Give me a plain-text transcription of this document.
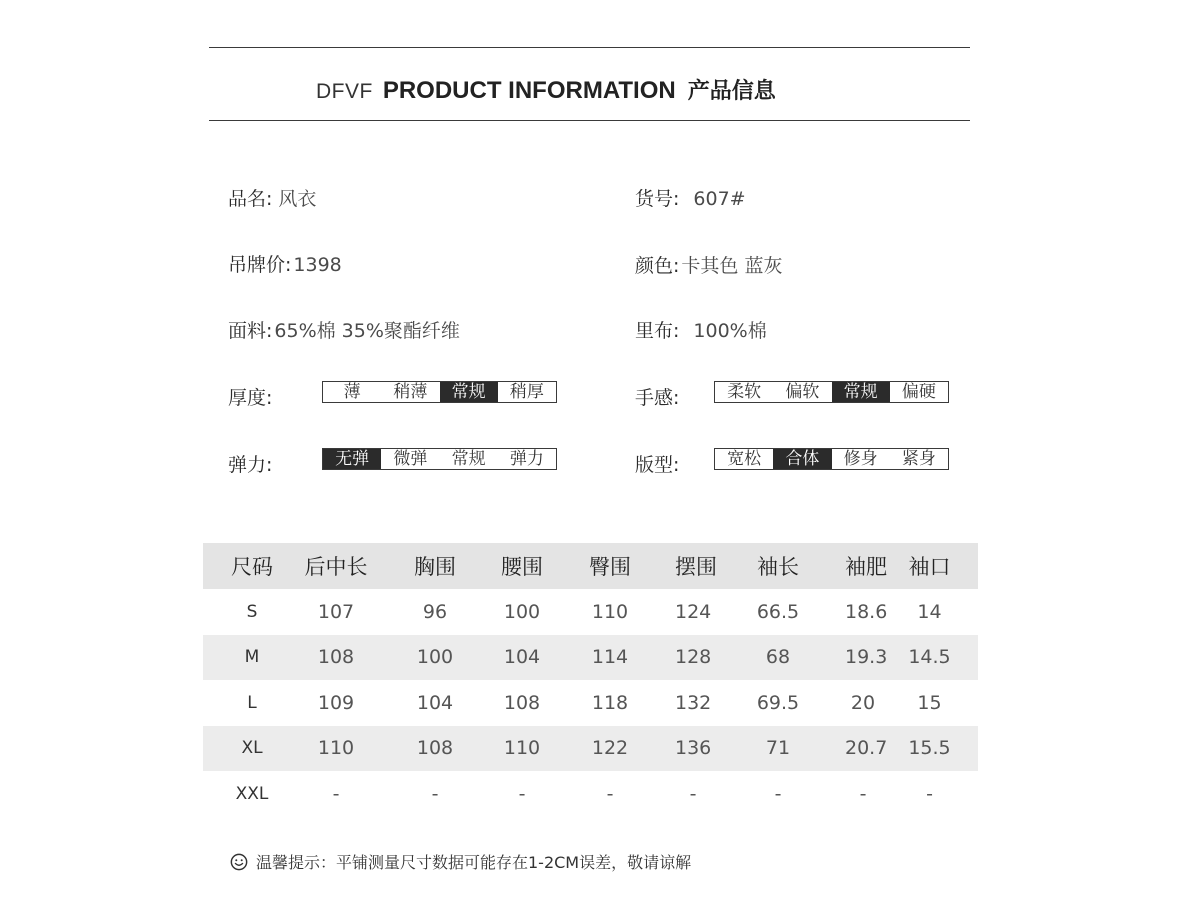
DFVF PRODUCT INFORMATION 产品信息
品名: 风衣	货号: 607#
吊牌价: 1398	颜色: 卡其色 蓝灰
面料: 65%棉 35%聚酯纤维	里布: 100%棉
厚度:	薄	稍薄	常规	稍厚	手感:	柔软	偏软	常规	偏硬
弹力:	无弹	微弹	常规	弹力	版型:	宽松	合体	修身	紧身
尺码	后中长	胸围	腰围	臀围	摆围	袖长	袖肥	袖口
S	107	96	100	110	124	66.5	18.6	14
M	108	100	104	114	128	68	19.3	14.5
L	109	104	108	118	132	69.5	20	15
XL	110	108	110	122	136	71	20.7	15.5
XXL	-	-	-	-	-	-	-	-
温馨提示：平铺测量尺寸数据可能存在1-2CM误差，敬请谅解
